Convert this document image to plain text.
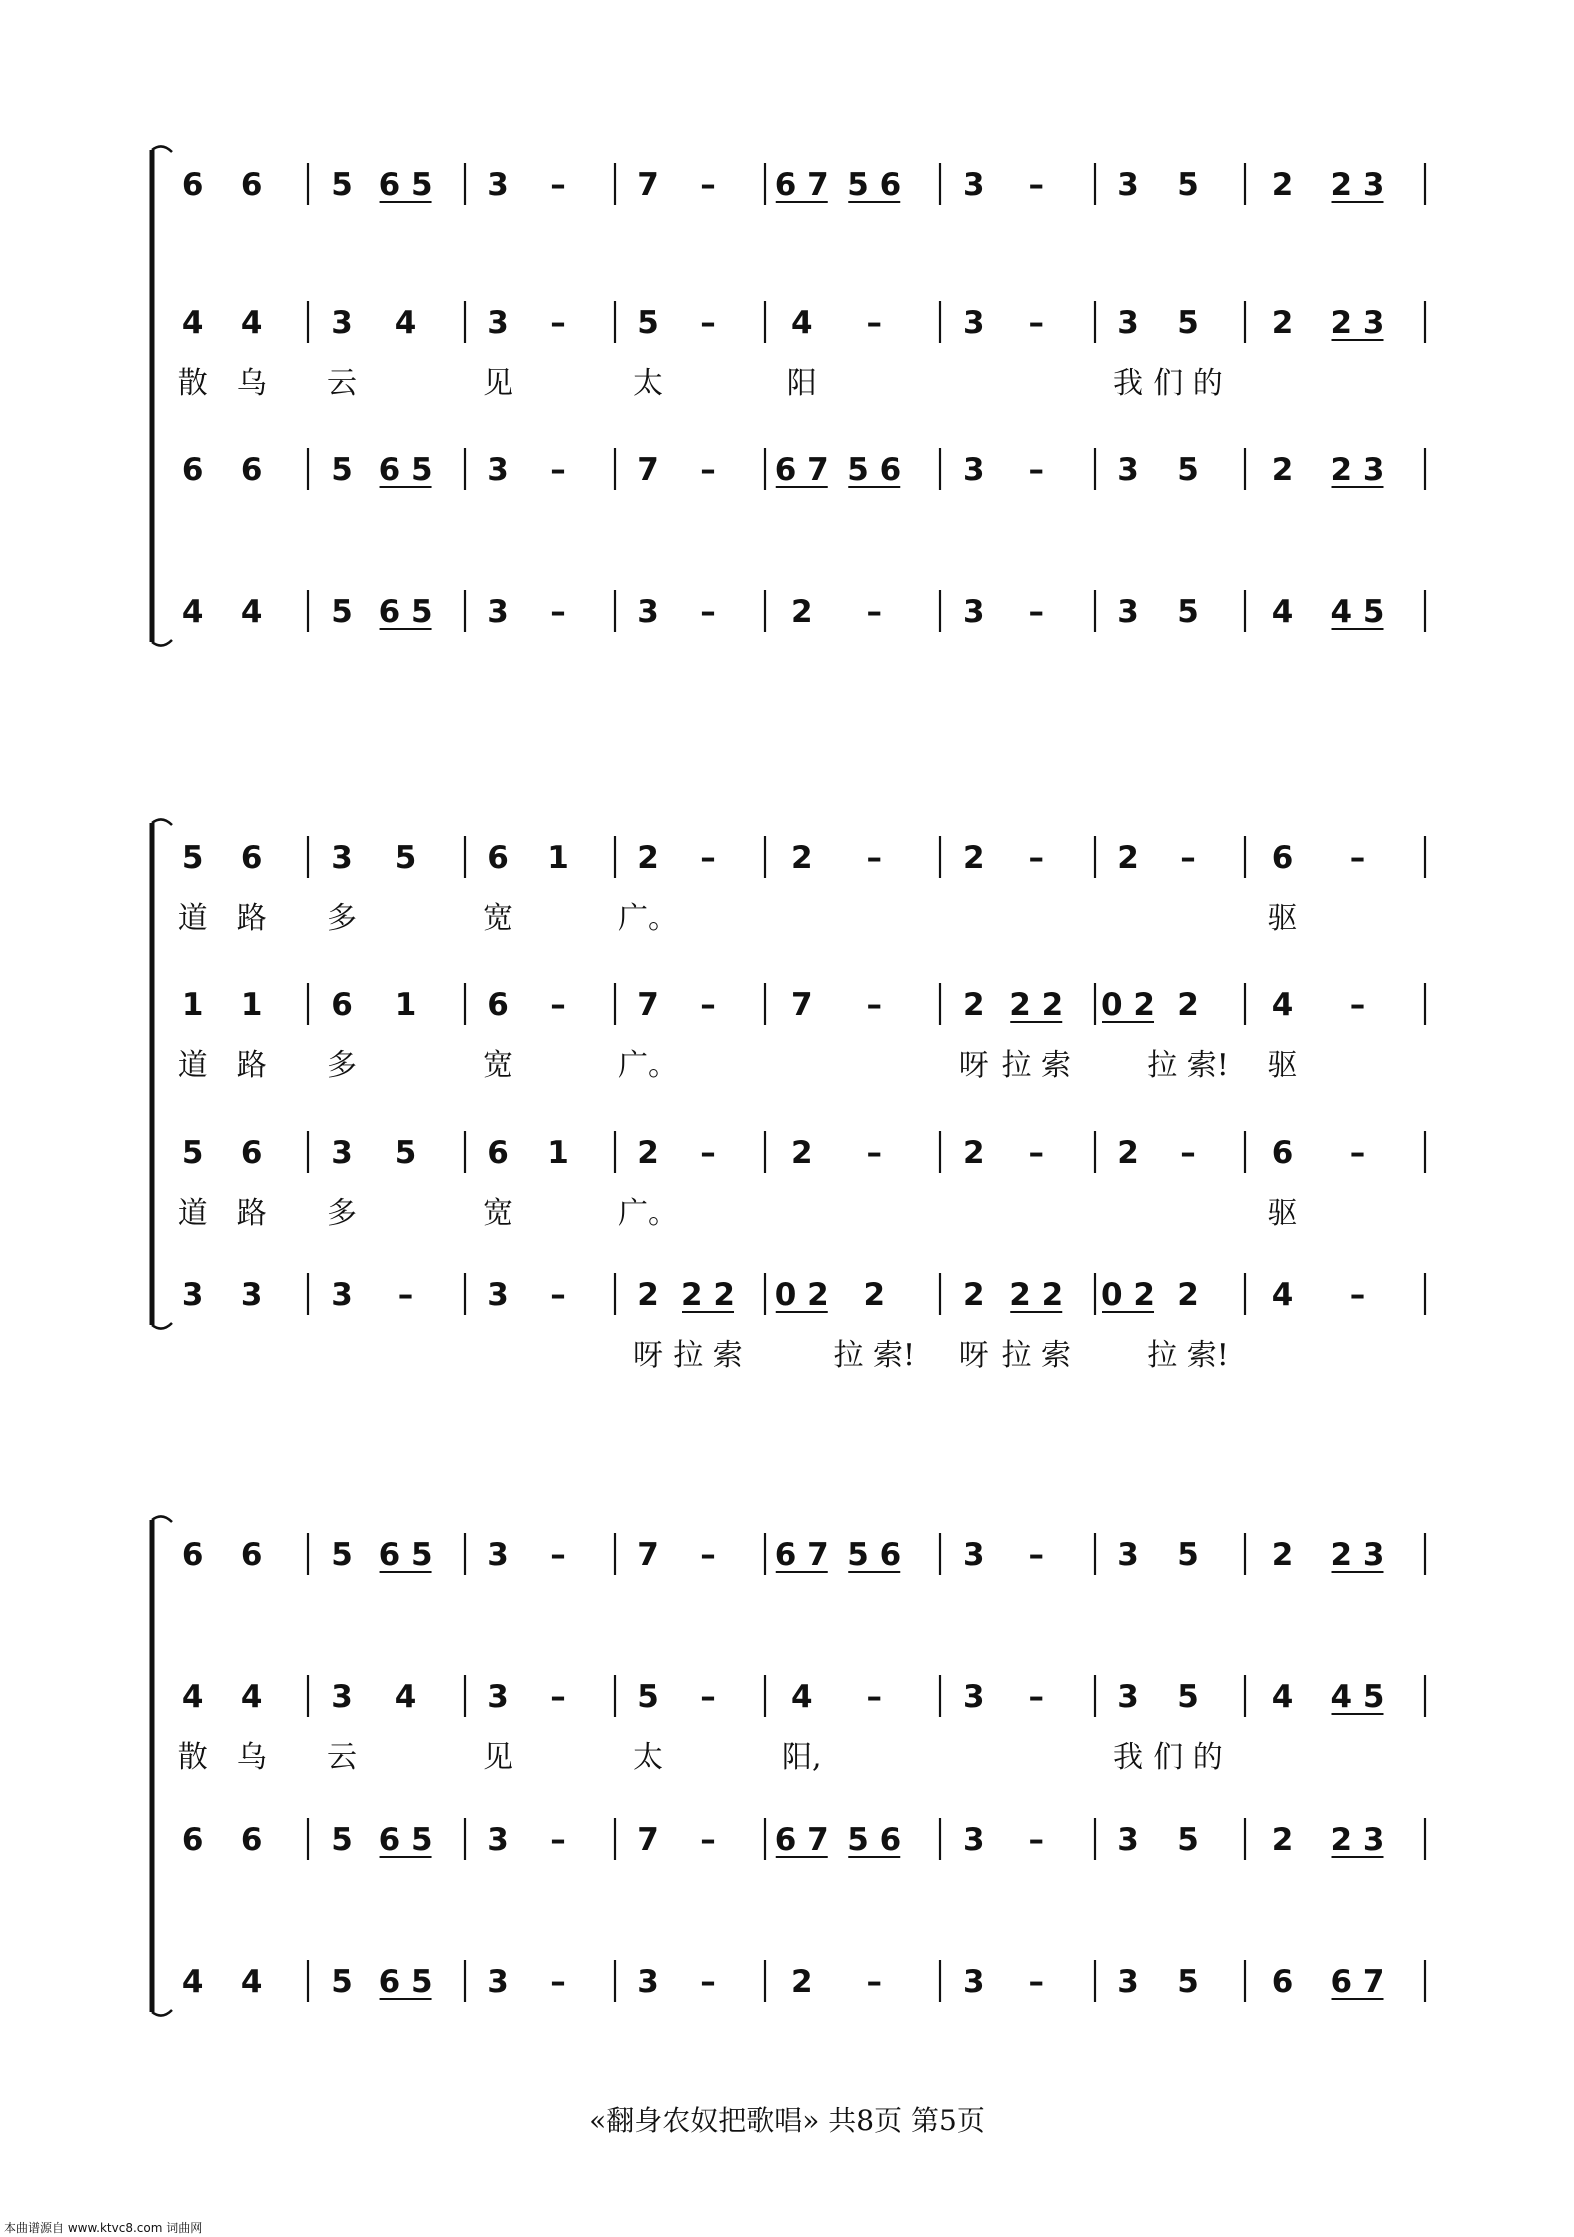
6 6 5 6 5 3 – 7 – 6 7 5 6 3 – 3 5 2 2 3
4 4 3 4 3 – 5 – 4 –	3 – 3 5 2 2 3
散 乌 云	见	太	阳	我 们 的
6 6 5 6 5 3 – 7 – 6 7 5 6 3 – 3 5 2 2 3
4 4 5 6 5 3 – 3 – 2 –	3 – 3 5 4 4 5
5 6 3 5 6 1 2 – 2 –	2 – 2 – 6 –
道 路 多	宽	广。	驱
1 1 6 1 6 – 7 – 7 –	2 2 2 0 2 2 4 –
道 路 多	宽	广。	呀 拉 索	拉 索! 驱
5 6 3 5 6 1 2 – 2 –	2 – 2 – 6 –
道 路 多	宽	广。	驱
3 3 3 – 3 – 2 2 2 0 2 2	2 2 2 0 2 2 4 –
呀 拉 索	拉 索! 呀 拉 索	拉 索!
6 6 5 6 5 3 – 7 – 6 7 5 6 3 – 3 5 2 2 3
4 4 3 4 3 – 5 – 4 –	3 – 3 5 4 4 5
散 乌 云	见	太	阳,	我 们 的
6 6 5 6 5 3 – 7 – 6 7 5 6 3 – 3 5 2 2 3
4 4 5 6 5 3 – 3 – 2 –	3 – 3 5 6 6 7
«翻身农奴把歌唱» 共8页 第5页
本曲谱源自 www.ktvc8.com 词曲网
